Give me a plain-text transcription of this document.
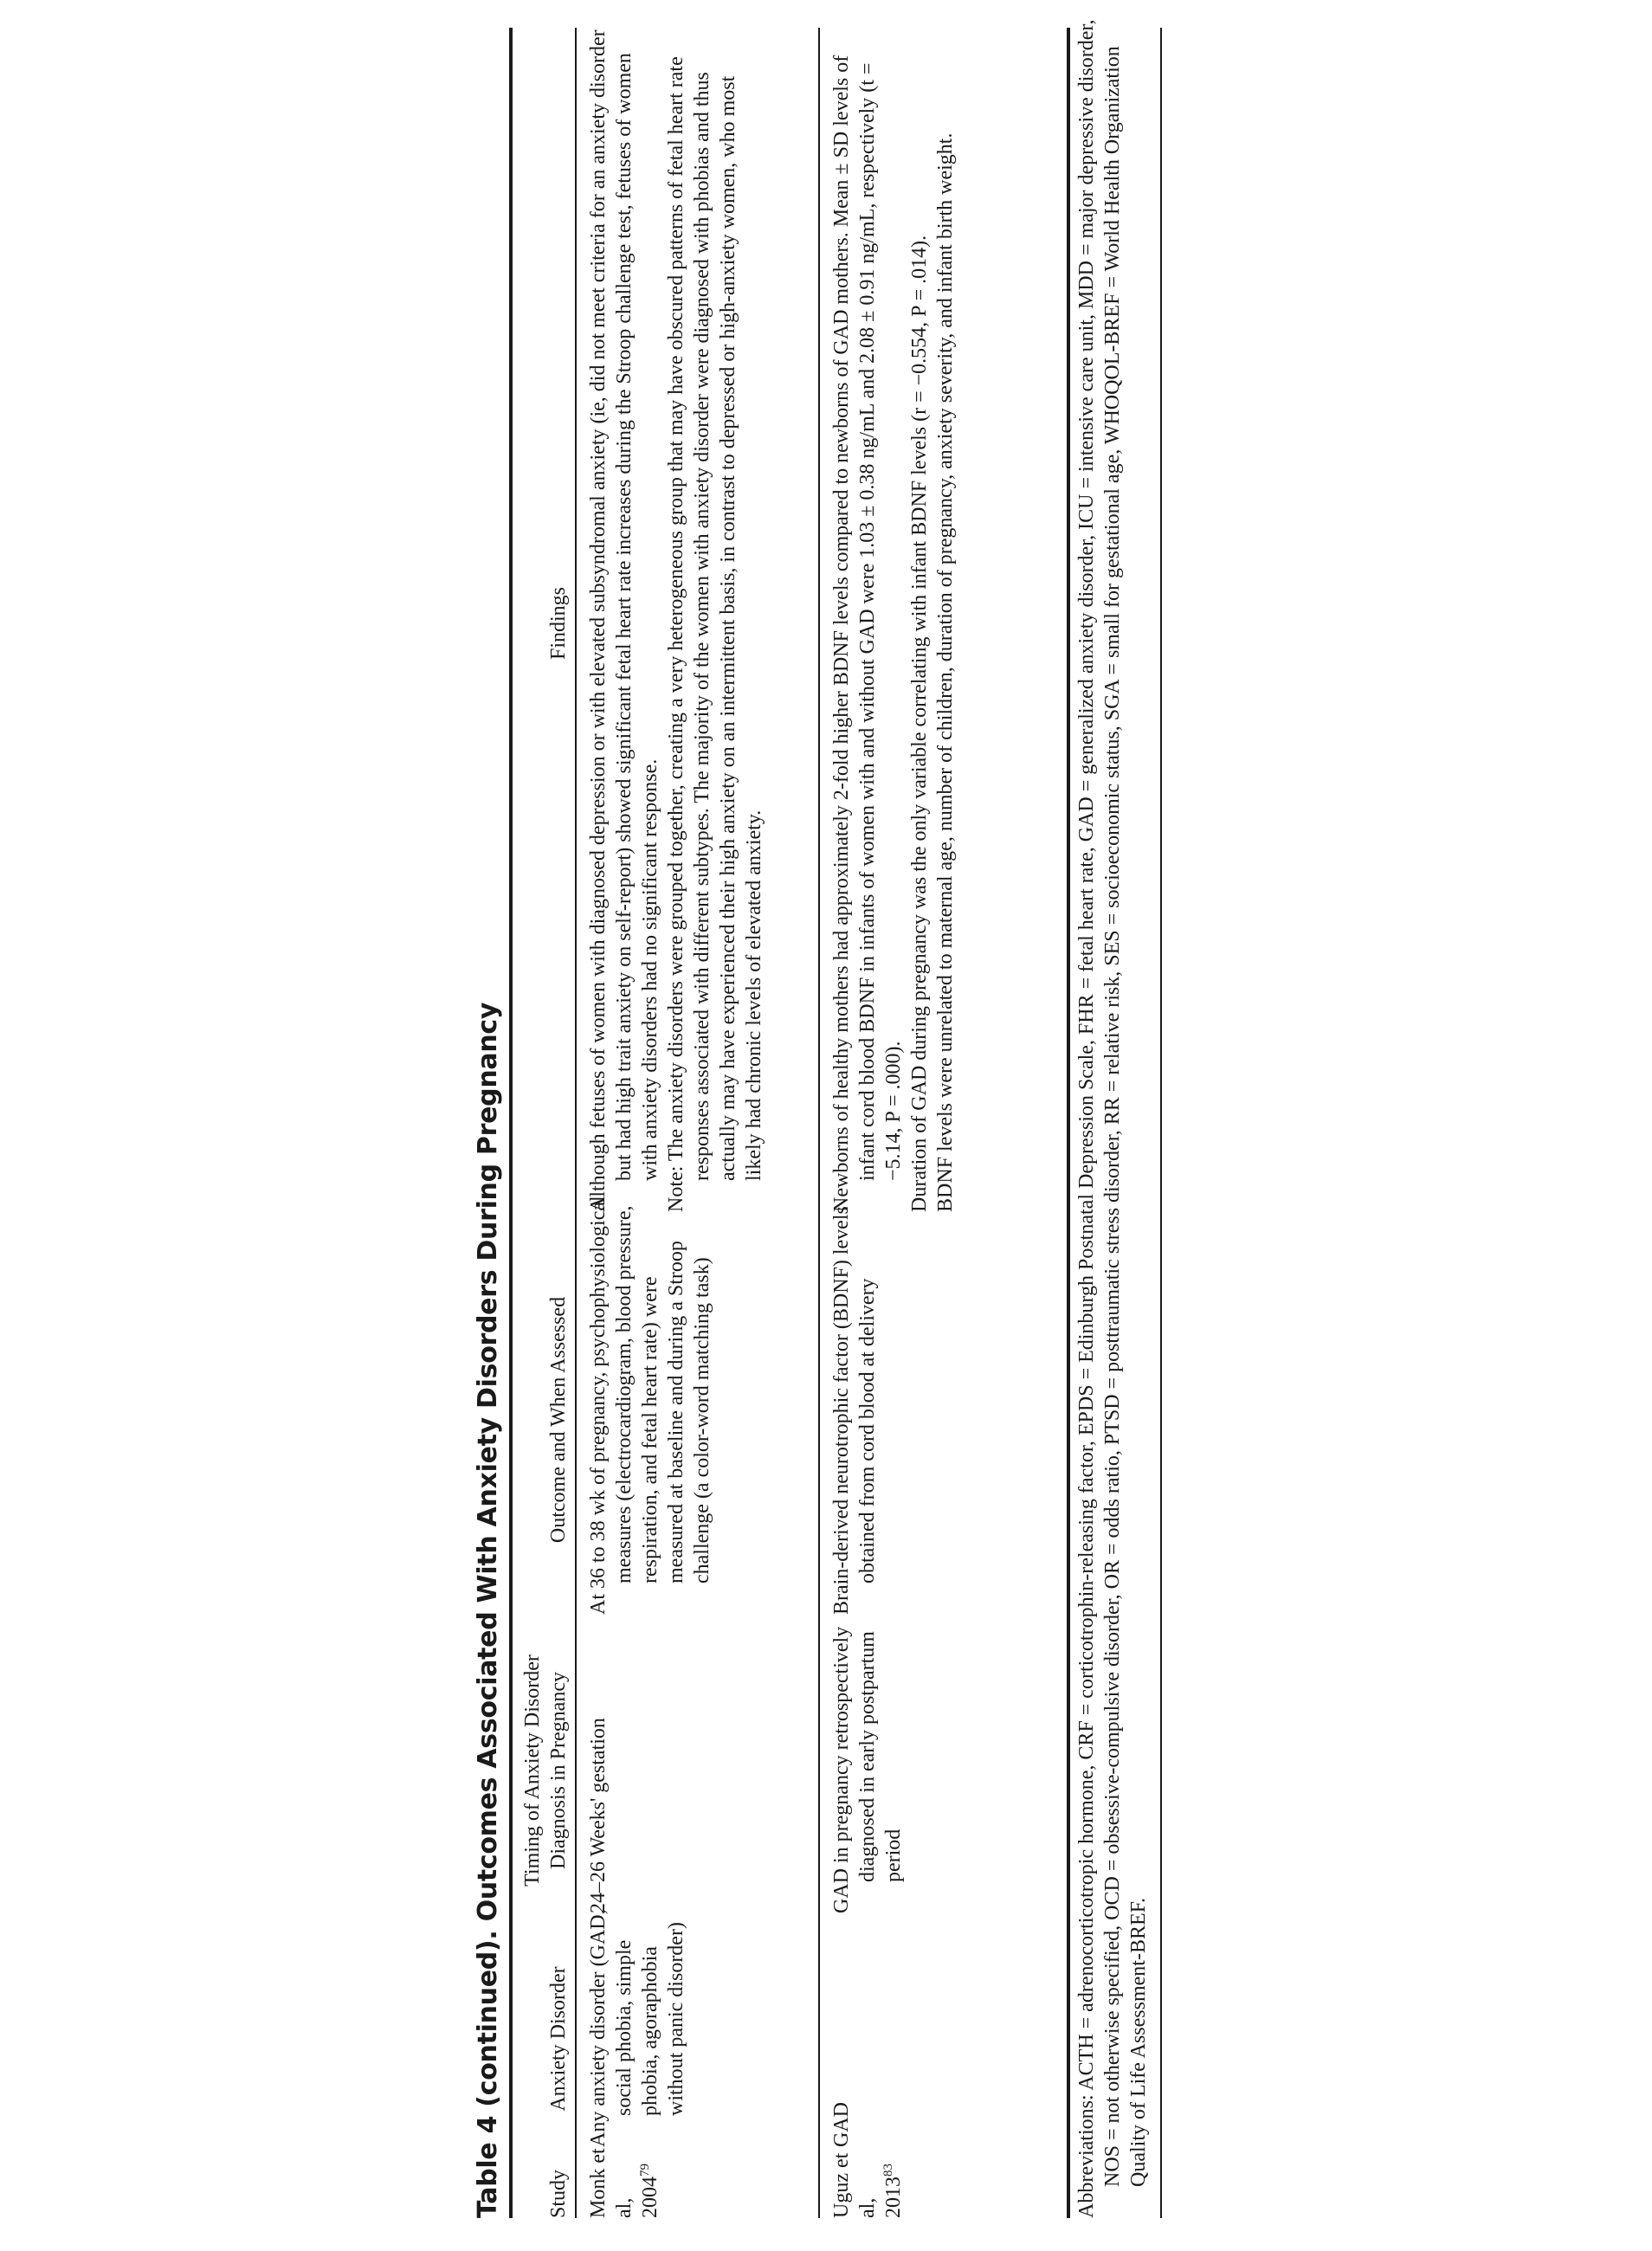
Table 4 (continued). Outcomes Associated With Anxiety Disorders During Pregnancy Study
Anxiety Disorder
Timing of Anxiety Disorder Diagnosis in Pregnancy
Outcome and When Assessed
Findings
Monk et al, 2004$^{79}$
Any anxiety disorder (GAD, social phobia, simple phobia, agoraphobia without panic disorder)
24–26 Weeks' gestation
At 36 to 38 wk of pregnancy, psychophysiological measures (electrocardiogram, blood pressure, respiration, and fetal heart rate) were measured at baseline and during a Stroop challenge (a color-word matching task)

Although fetuses of women with diagnosed depression or with elevated subsyndromal anxiety (ie, did not meet criteria for an anxiety disorder but had high trait anxiety on self-report) showed significant fetal heart rate increases during the Stroop challenge test, fetuses of women with anxiety disorders had no significant response. Note: The anxiety disorders were grouped together, creating a very heterogeneous group that may have obscured patterns of fetal heart rate responses associated with different subtypes. The majority of the women with anxiety disorder were diagnosed with phobias and thus actually may have experienced their high anxiety on an intermittent basis, in contrast to depressed or high-anxiety women, who most likely had chronic levels of elevated anxiety.

Uguz et al, 2013$^{83}$
GAD
GAD in pregnancy retrospectively diagnosed in early postpartum period
Brain-derived neurotrophic factor (BDNF) levels obtained from cord blood at delivery

Newborns of healthy mothers had approximately 2-fold higher BDNF levels compared to newborns of GAD mothers. Mean ± SD levels of infant cord blood BDNF in infants of women with and without GAD were 1.03 ± 0.38 ng/mL and 2.08 ± 0.91 ng/mL, respectively (t = −5.14, P = .000). Duration of GAD during pregnancy was the only variable correlating with infant BDNF levels (r = −0.554, P = .014). BDNF levels were unrelated to maternal age, number of children, duration of pregnancy, anxiety severity, and infant birth weight.	Abbreviations: ACTH = adrenocorticotropic hormone, CRF = corticotrophin-releasing factor, EPDS = Edinburgh Postnatal Depression Scale, FHR = fetal heart rate, GAD = generalized anxiety disorder, ICU = intensive care unit, MDD = major depressive disorder, NOS = not otherwise specified, OCD = obsessive-compulsive disorder, OR = odds ratio, PTSD = posttraumatic stress disorder, RR = relative risk, SES = socioeconomic status, SGA = small for gestational age, WHOQOL-BREF = World Health Organization Quality of Life Assessment-BREF.
